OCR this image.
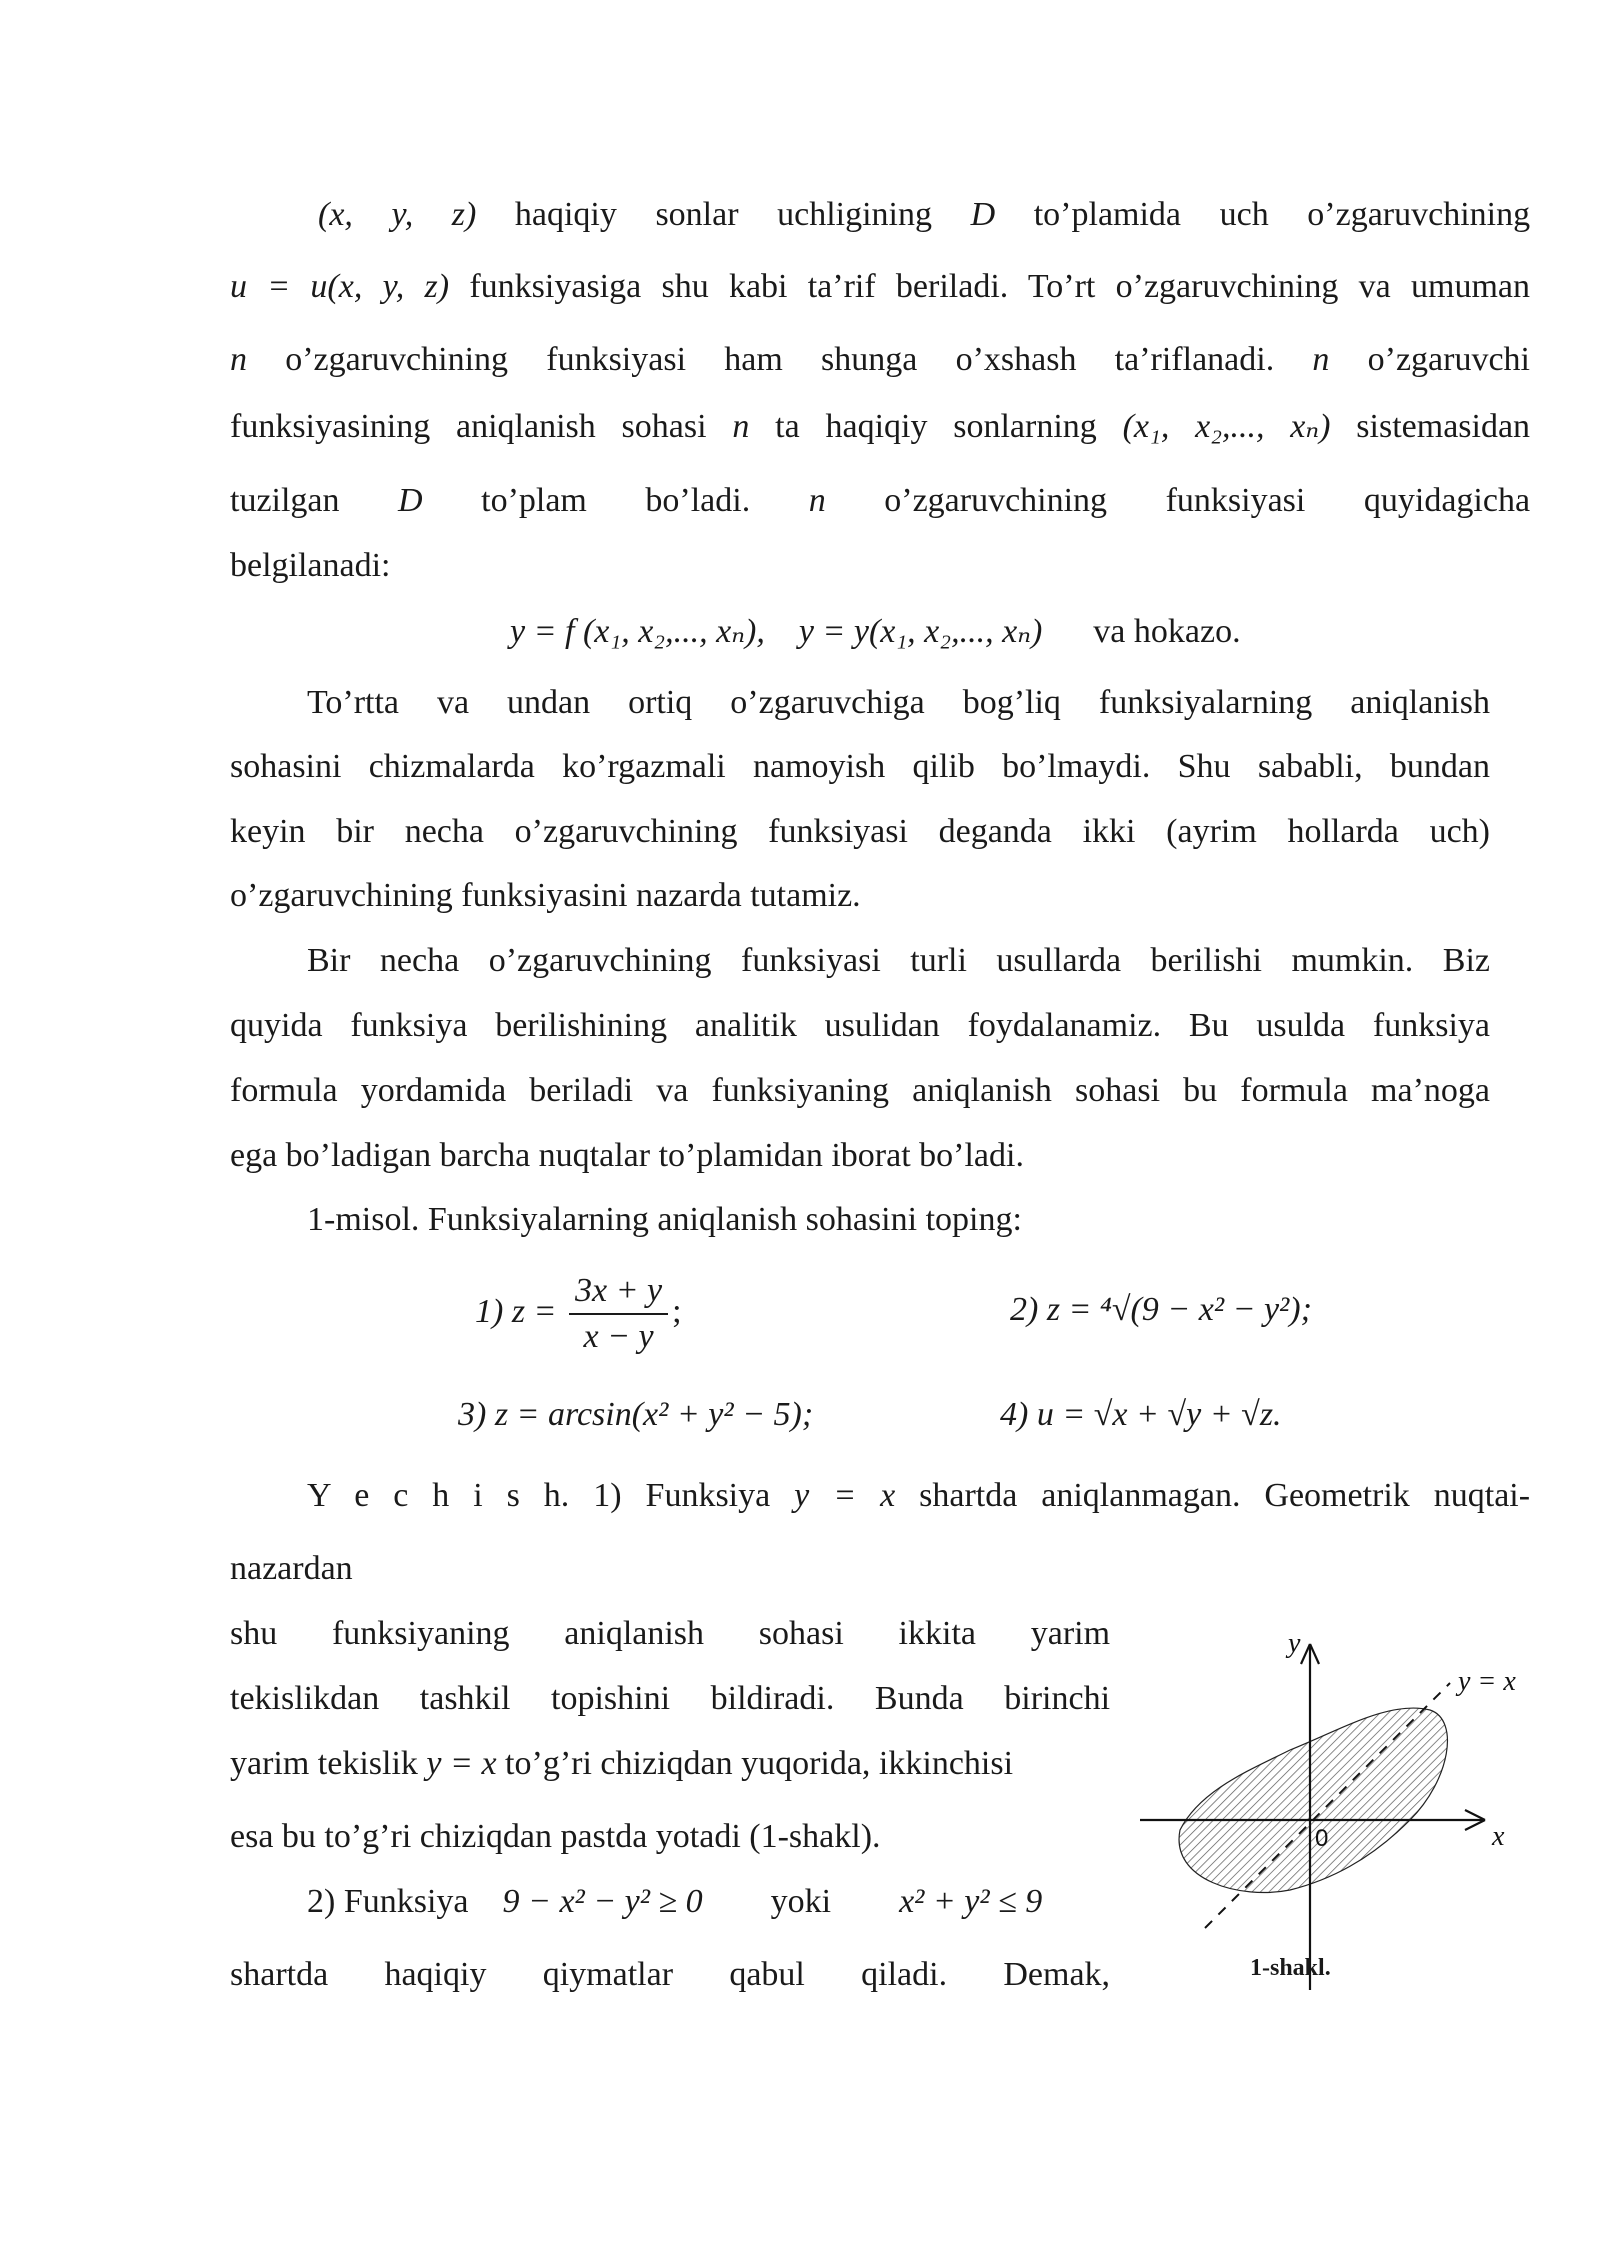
(x, y, z) haqiqiy sonlar uchligining D to’plamida uch o’zgaruvchining
u = u(x, y, z) funksiyasiga shu kabi ta’rif beriladi. To’rt o’zgaruvchining va umuman
n o’zgaruvchining funksiyasi ham shunga o’xshash ta’riflanadi. n o’zgaruvchi
funksiyasining aniqlanish sohasi n ta haqiqiy sonlarning (x₁, x₂,..., xₙ) sistemasidan
tuzilgan D to’plam bo’ladi. n o’zgaruvchining funksiyasi quyidagicha
belgilanadi:
y = f (x₁, x₂,..., xₙ), y = y(x₁, x₂,..., xₙ) va hokazo.
To’rtta va undan ortiq o’zgaruvchiga bog’liq funksiyalarning aniqlanish
sohasini chizmalarda ko’rgazmali namoyish qilib bo’lmaydi. Shu sababli, bundan
keyin bir necha o’zgaruvchining funksiyasi deganda ikki (ayrim hollarda uch)
o’zgaruvchining funksiyasini nazarda tutamiz.
Bir necha o’zgaruvchining funksiyasi turli usullarda berilishi mumkin. Biz
quyida funksiya berilishining analitik usulidan foydalanamiz. Bu usulda funksiya
formula yordamida beriladi va funksiyaning aniqlanish sohasi bu formula ma’noga
ega bo’ladigan barcha nuqtalar to’plamidan iborat bo’ladi.
1-misol. Funksiyalarning aniqlanish sohasini toping:
1) $z = \frac{3x + y}{x - y}$ ;	2) z = ⁴√(9 − x² − y²);
3) z = arcsin(x² + y² − 5);	4) u = √x + √y + √z.
Y e c h i s h. 1) Funksiya y = x shartda aniqlanmagan. Geometrik nuqtai-
nazardan
shu funksiyaning aniqlanish sohasi ikkita yarim
tekislikdan tashkil topishini bildiradi. Bunda birinchi
yarim tekislik y = x to’g’ri chiziqdan yuqorida, ikkinchisi
esa bu to’g’ri chiziqdan pastda yotadi (1-shakl).
2) Funksiya 9 − x² − y² ≥ 0 yoki x² + y² ≤ 9
shartda haqiqiy qiymatlar qabul qiladi. Demak,
y
x
0
y = x
1-shakl.
